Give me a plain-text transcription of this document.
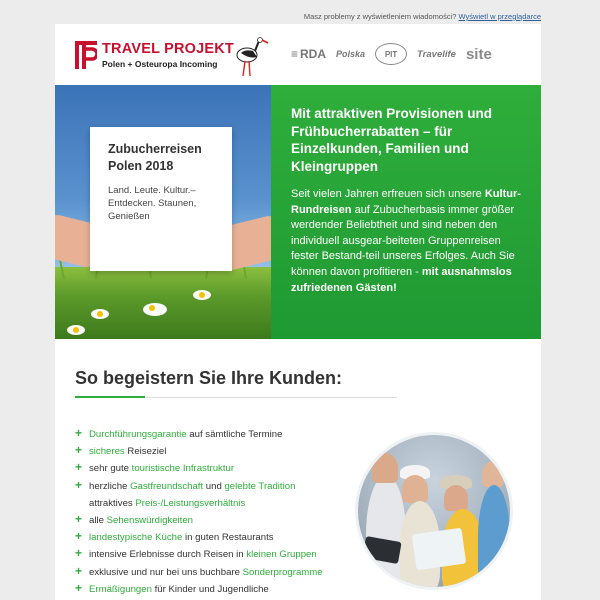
Masz problemy z wyświetleniem wiadomości? Wyświetl w przeglądarce
TRAVEL PROJEKT
Polen + Osteuropa Incoming
≡ RDA Polska	PIT	Travelife site
Zubucherreisen
Polen 2018
Land. Leute. Kultur.– Entdecken. Staunen, Genießen
Mit attraktiven Provisionen und Frühbucherrabatten – für Einzelkunden, Familien und Kleingruppen
Seit vielen Jahren erfreuen sich unsere Kultur-Rundreisen auf Zubucherbasis immer größer werdender Beliebtheit und sind neben den individuell ausgear-beiteten Gruppenreisen fester Bestand-teil unseres Erfolges. Auch Sie können davon profitieren - mit ausnahmslos zufriedenen Gästen!
So begeistern Sie Ihre Kunden:
+ Durchführungsgarantie auf sämtliche Termine
+ sicheres Reiseziel
+ sehr gute touristische Infrastruktur
+ herzliche Gastfreundschaft und gelebte Tradition
attraktives Preis-/Leistungsverhältnis
+ alle Sehenswürdigkeiten
+ landestypische Küche in guten Restaurants
+ intensive Erlebnisse durch Reisen in kleinen Gruppen
+ exklusive und nur bei uns buchbare Sonderprogramme
+ Ermäßigungen für Kinder und Jugendliche
